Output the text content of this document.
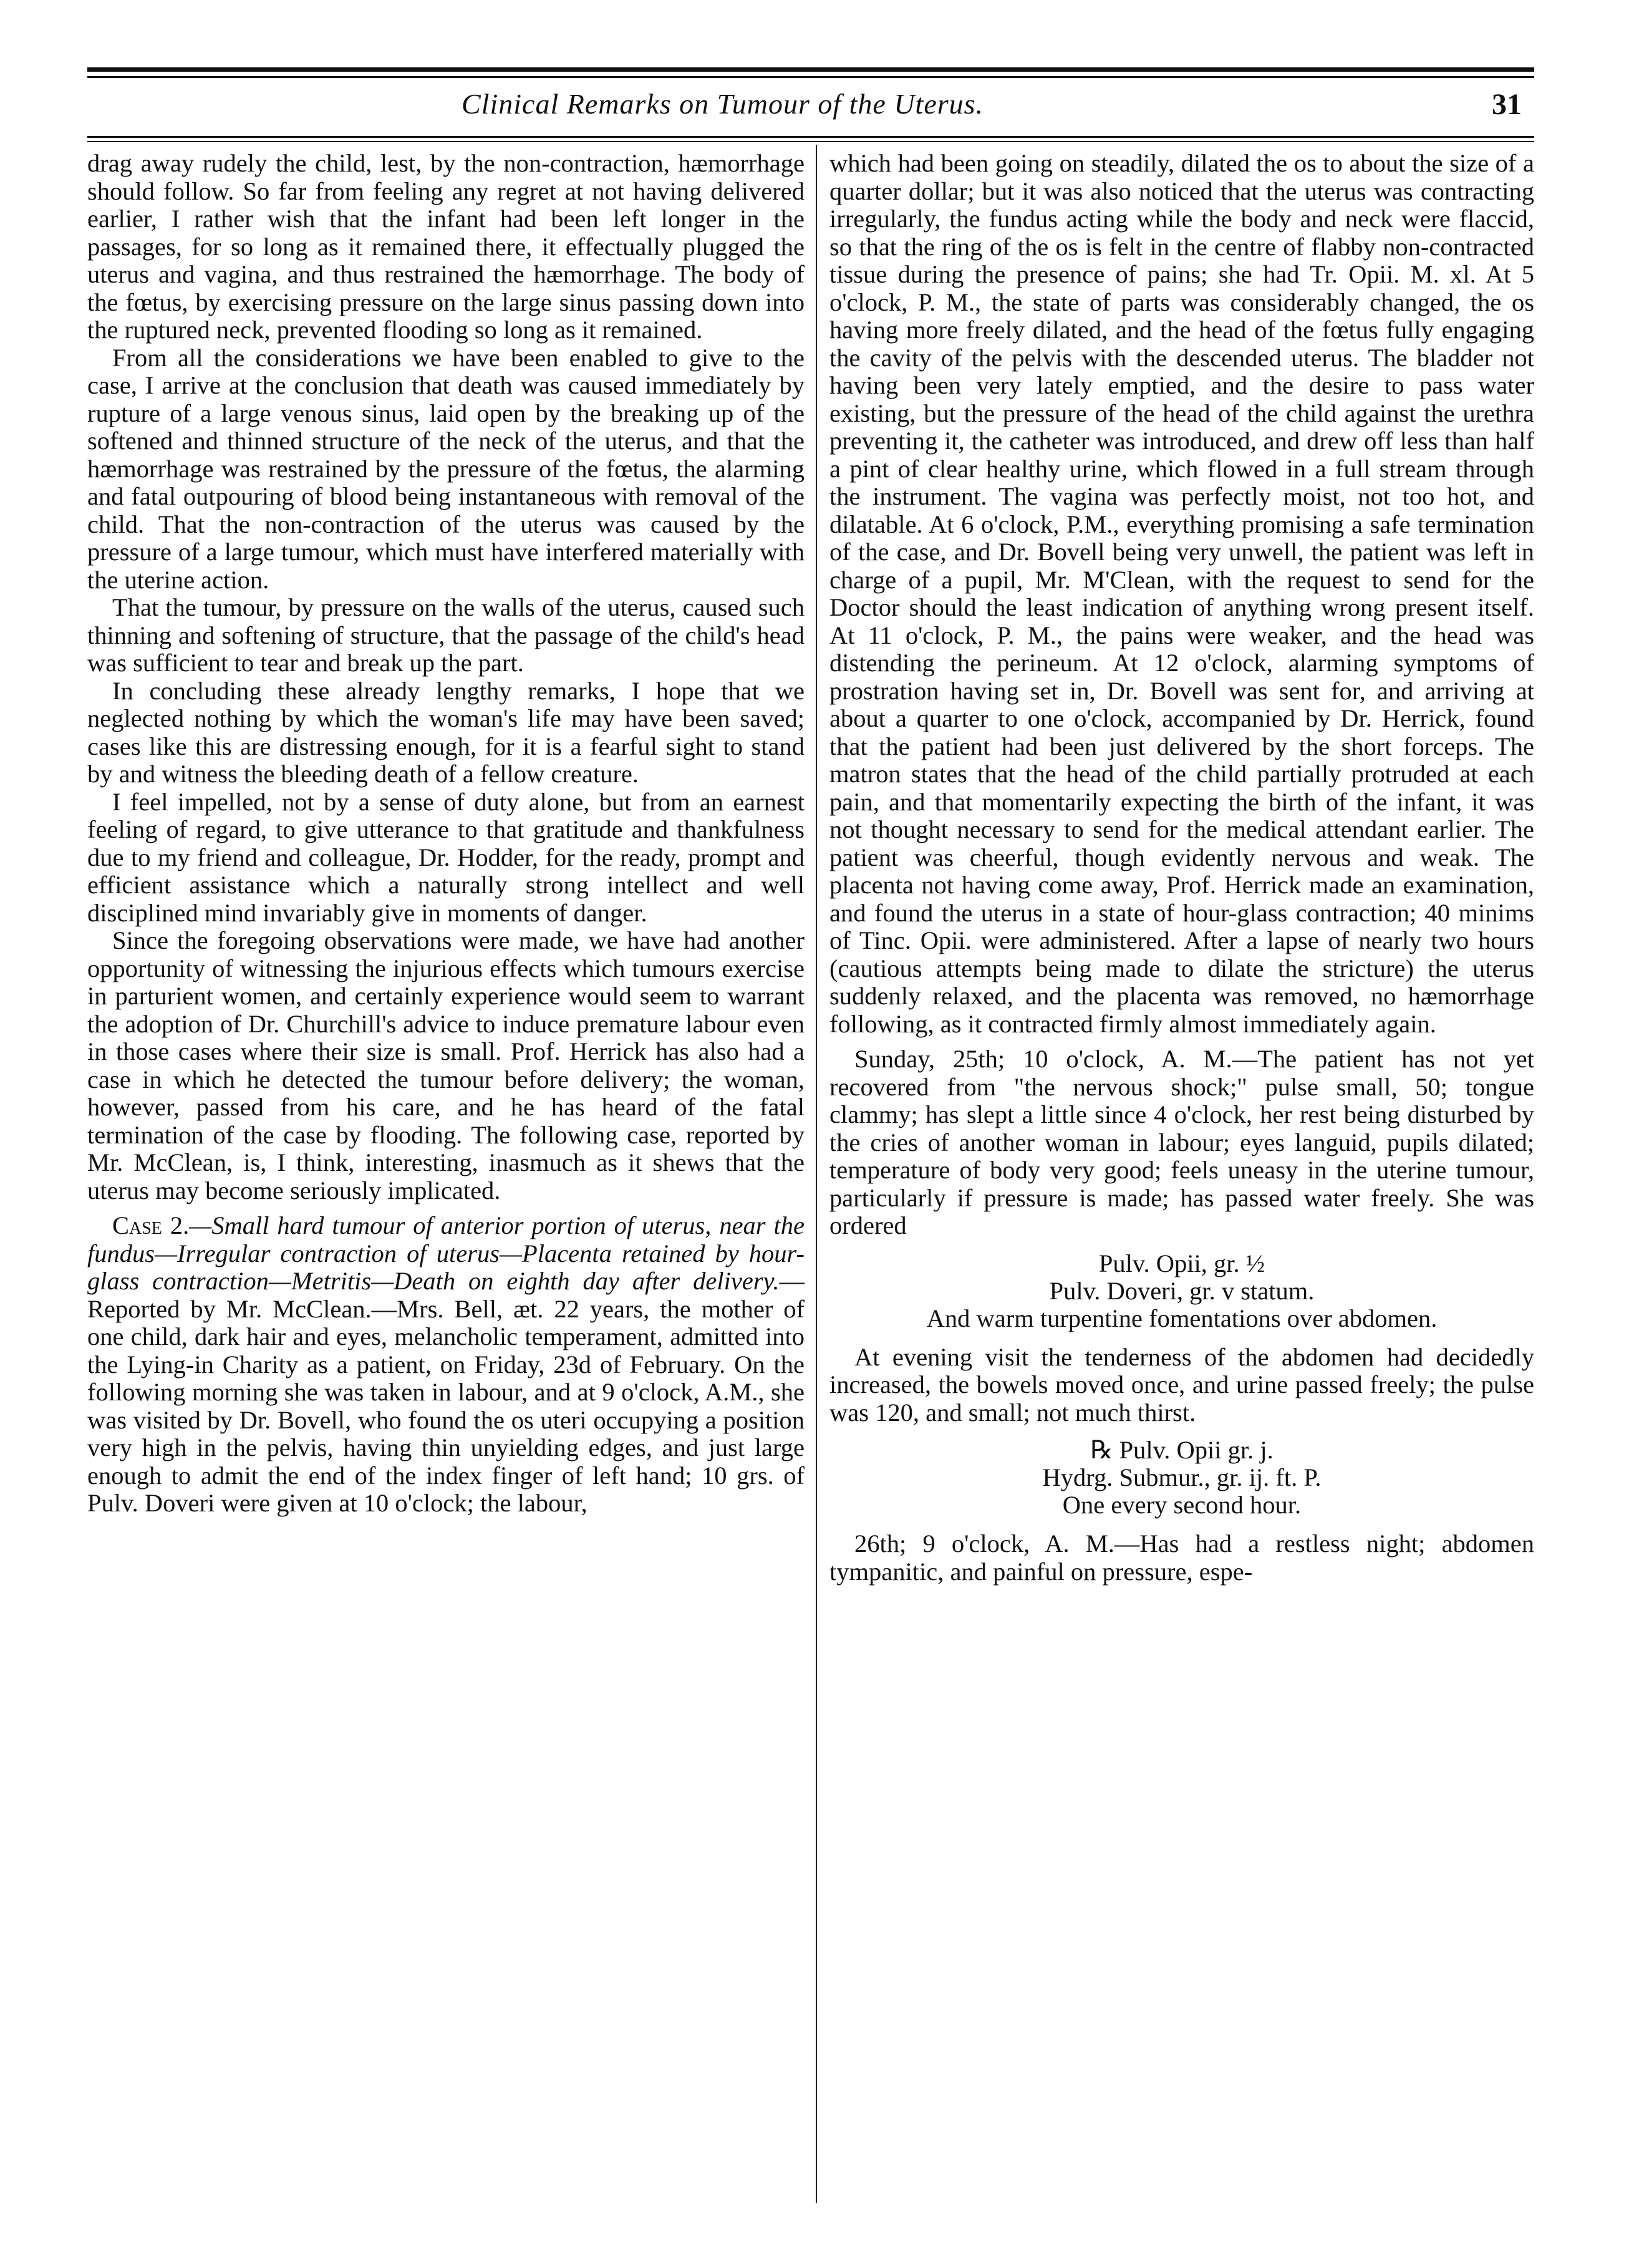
Clinical Remarks on Tumour of the Uterus.	31

drag away rudely the child, lest, by the non-contraction, hæmorrhage should follow. So far from feeling any regret at not having delivered earlier, I rather wish that the infant had been left longer in the passages, for so long as it remained there, it effectually plugged the uterus and vagina, and thus restrained the hæmorrhage. The body of the fœtus, by exercising pressure on the large sinus passing down into the ruptured neck, prevented flooding so long as it remained.

From all the considerations we have been enabled to give to the case, I arrive at the conclusion that death was caused immediately by rupture of a large venous sinus, laid open by the breaking up of the softened and thinned structure of the neck of the uterus, and that the hæmorrhage was restrained by the pressure of the fœtus, the alarming and fatal outpouring of blood being instantaneous with removal of the child. That the non-contraction of the uterus was caused by the pressure of a large tumour, which must have interfered materially with the uterine action.

That the tumour, by pressure on the walls of the uterus, caused such thinning and softening of structure, that the passage of the child's head was sufficient to tear and break up the part.

In concluding these already lengthy remarks, I hope that we neglected nothing by which the woman's life may have been saved; cases like this are distressing enough, for it is a fearful sight to stand by and witness the bleeding death of a fellow creature.

I feel impelled, not by a sense of duty alone, but from an earnest feeling of regard, to give utterance to that gratitude and thankfulness due to my friend and colleague, Dr. Hodder, for the ready, prompt and efficient assistance which a naturally strong intellect and well disciplined mind invariably give in moments of danger.

Since the foregoing observations were made, we have had another opportunity of witnessing the injurious effects which tumours exercise in parturient women, and certainly experience would seem to warrant the adoption of Dr. Churchill's advice to induce premature labour even in those cases where their size is small. Prof. Herrick has also had a case in which he detected the tumour before delivery; the woman, however, passed from his care, and he has heard of the fatal termination of the case by flooding. The following case, reported by Mr. McClean, is, I think, interesting, inasmuch as it shews that the uterus may become seriously implicated.

Case 2.—Small hard tumour of anterior portion of uterus, near the fundus—Irregular contraction of uterus—Placenta retained by hour-glass contraction—Metritis—Death on eighth day after delivery.—Reported by Mr. McClean.—Mrs. Bell, æt. 22 years, the mother of one child, dark hair and eyes, melancholic temperament, admitted into the Lying-in Charity as a patient, on Friday, 23d of February. On the following morning she was taken in labour, and at 9 o'clock, A.M., she was visited by Dr. Bovell, who found the os uteri occupying a position very high in the pelvis, having thin unyielding edges, and just large enough to admit the end of the index finger of left hand; 10 grs. of Pulv. Doveri were given at 10 o'clock; the labour,

which had been going on steadily, dilated the os to about the size of a quarter dollar; but it was also noticed that the uterus was contracting irregularly, the fundus acting while the body and neck were flaccid, so that the ring of the os is felt in the centre of flabby non-contracted tissue during the presence of pains; she had Tr. Opii. M. xl. At 5 o'clock, P. M., the state of parts was considerably changed, the os having more freely dilated, and the head of the fœtus fully engaging the cavity of the pelvis with the descended uterus. The bladder not having been very lately emptied, and the desire to pass water existing, but the pressure of the head of the child against the urethra preventing it, the catheter was introduced, and drew off less than half a pint of clear healthy urine, which flowed in a full stream through the instrument. The vagina was perfectly moist, not too hot, and dilatable. At 6 o'clock, P.M., everything promising a safe termination of the case, and Dr. Bovell being very unwell, the patient was left in charge of a pupil, Mr. M'Clean, with the request to send for the Doctor should the least indication of anything wrong present itself. At 11 o'clock, P. M., the pains were weaker, and the head was distending the perineum. At 12 o'clock, alarming symptoms of prostration having set in, Dr. Bovell was sent for, and arriving at about a quarter to one o'clock, accompanied by Dr. Herrick, found that the patient had been just delivered by the short forceps. The matron states that the head of the child partially protruded at each pain, and that momentarily expecting the birth of the infant, it was not thought necessary to send for the medical attendant earlier. The patient was cheerful, though evidently nervous and weak. The placenta not having come away, Prof. Herrick made an examination, and found the uterus in a state of hour-glass contraction; 40 minims of Tinc. Opii. were administered. After a lapse of nearly two hours (cautious attempts being made to dilate the stricture) the uterus suddenly relaxed, and the placenta was removed, no hæmorrhage following, as it contracted firmly almost immediately again.

Sunday, 25th; 10 o'clock, A. M.—The patient has not yet recovered from "the nervous shock;" pulse small, 50; tongue clammy; has slept a little since 4 o'clock, her rest being disturbed by the cries of another woman in labour; eyes languid, pupils dilated; temperature of body very good; feels uneasy in the uterine tumour, particularly if pressure is made; has passed water freely. She was ordered

Pulv. Opii, gr. ½
Pulv. Doveri, gr. v statum.
And warm turpentine fomentations over abdomen.

At evening visit the tenderness of the abdomen had decidedly increased, the bowels moved once, and urine passed freely; the pulse was 120, and small; not much thirst.

℞ Pulv. Opii gr. j.
Hydrg. Submur., gr. ij. ft. P.
One every second hour.

26th; 9 o'clock, A. M.—Has had a restless night; abdomen tympanitic, and painful on pressure, espe-
